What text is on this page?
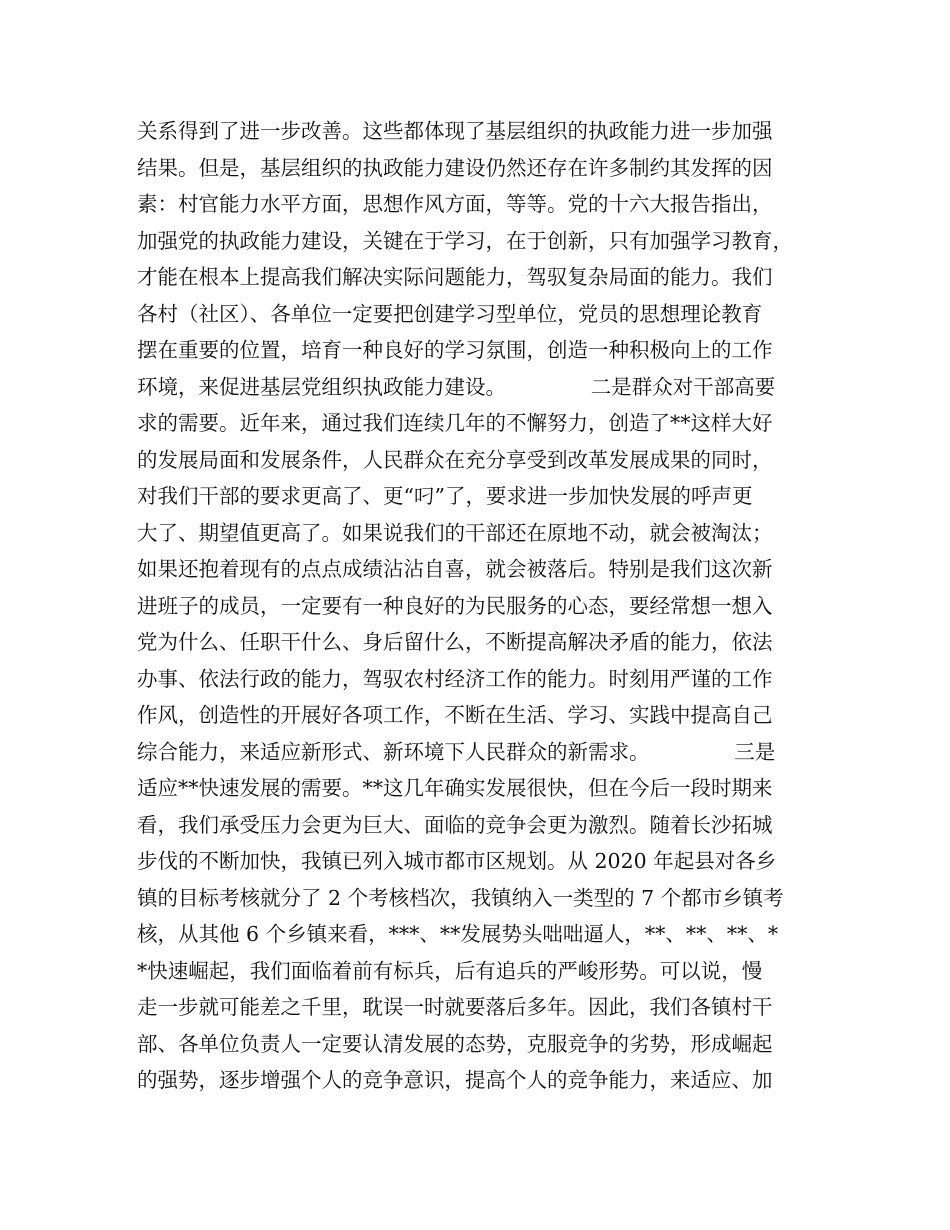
关系得到了进一步改善。这些都体现了基层组织的执政能力进一步加强
结果。但是，基层组织的执政能力建设仍然还存在许多制约其发挥的因
素：村官能力水平方面，思想作风方面，等等。党的十六大报告指出，
加强党的执政能力建设，关键在于学习，在于创新，只有加强学习教育，
才能在根本上提高我们解决实际问题能力，驾驭复杂局面的能力。我们
各村（社区）、各单位一定要把创建学习型单位，党员的思想理论教育
摆在重要的位置，培育一种良好的学习氛围，创造一种积极向上的工作
环境，来促进基层党组织执政能力建设。             二是群众对干部高要
求的需要。近年来，通过我们连续几年的不懈努力，创造了**这样大好
的发展局面和发展条件，人民群众在充分享受到改革发展成果的同时，
对我们干部的要求更高了、更“叼”了，要求进一步加快发展的呼声更
大了、期望值更高了。如果说我们的干部还在原地不动，就会被淘汰；
如果还抱着现有的点点成绩沾沾自喜，就会被落后。特别是我们这次新
进班子的成员，一定要有一种良好的为民服务的心态，要经常想一想入
党为什么、任职干什么、身后留什么，不断提高解决矛盾的能力，依法
办事、依法行政的能力，驾驭农村经济工作的能力。时刻用严谨的工作
作风，创造性的开展好各项工作，不断在生活、学习、实践中提高自己
综合能力，来适应新形式、新环境下人民群众的新需求。             三是
适应**快速发展的需要。**这几年确实发展很快，但在今后一段时期来
看，我们承受压力会更为巨大、面临的竞争会更为激烈。随着长沙拓城
步伐的不断加快，我镇已列入城市都市区规划。从 2020 年起县对各乡
镇的目标考核就分了 2 个考核档次，我镇纳入一类型的 7 个都市乡镇考
核，从其他 6 个乡镇来看，***、**发展势头咄咄逼人，**、**、**、*
*快速崛起，我们面临着前有标兵，后有追兵的严峻形势。可以说，慢
走一步就可能差之千里，耽误一时就要落后多年。因此，我们各镇村干
部、各单位负责人一定要认清发展的态势，克服竞争的劣势，形成崛起
的强势，逐步增强个人的竞争意识，提高个人的竞争能力，来适应、加
